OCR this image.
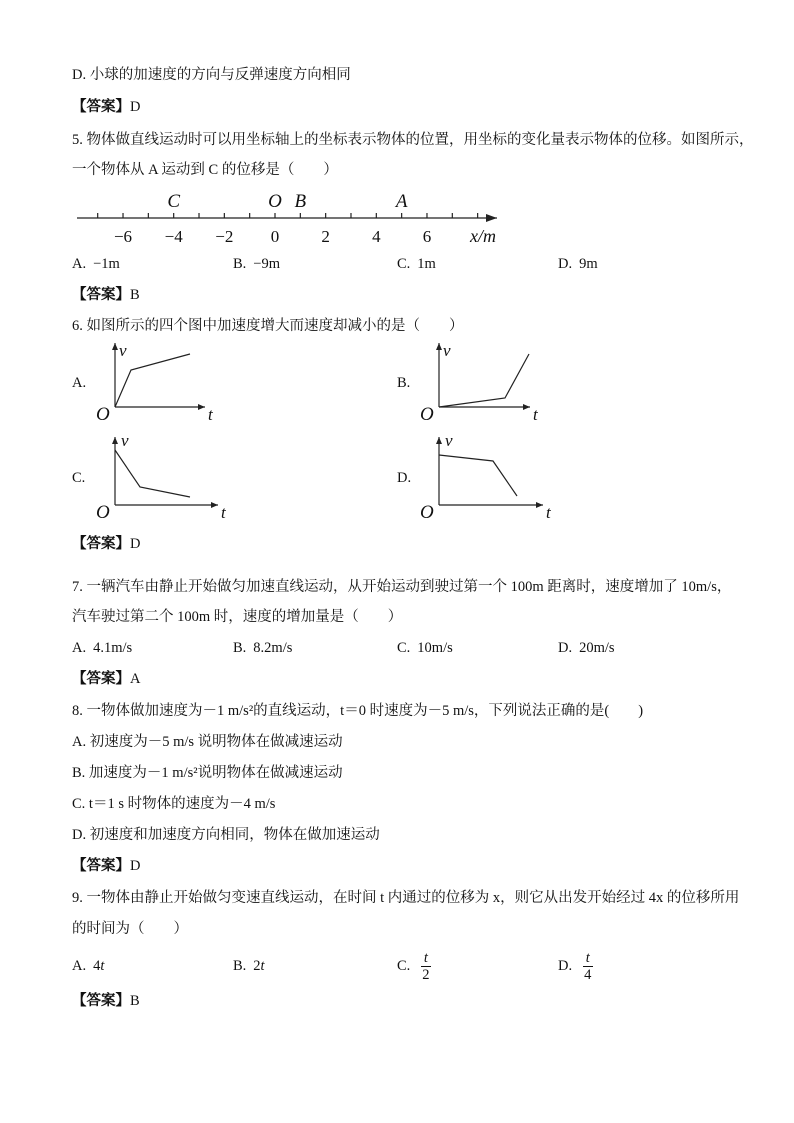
D. 小球的加速度的方向与反弹速度方向相同
【答案】D
5. 物体做直线运动时可以用坐标轴上的坐标表示物体的位置，用坐标的变化量表示物体的位移。如图所示，
一个物体从 A 运动到 C 的位移是（　　）
−6 −4 −2 0 2 4 6
C	O B	A
x/m
A. −1m	B. −9m	C. 1m	D. 9m
【答案】B
6. 如图所示的四个图中加速度增大而速度却减小的是（　　）
A.	B.
C.	D.
v
O	t
v
O	t
v
O	t
v
O	t
【答案】D
7. 一辆汽车由静止开始做匀加速直线运动，从开始运动到驶过第一个 100m 距离时，速度增加了 10m/s，
汽车驶过第二个 100m 时，速度的增加量是（　　）
A. 4.1m/s	B. 8.2m/s	C. 10m/s	D. 20m/s
【答案】A
8. 一物体做加速度为－1 m/s²的直线运动，t＝0 时速度为－5 m/s，下列说法正确的是(　　)
A. 初速度为－5 m/s 说明物体在做减速运动
B. 加速度为－1 m/s²说明物体在做减速运动
C. t＝1 s 时物体的速度为－4 m/s
D. 初速度和加速度方向相同，物体在做加速运动
【答案】D
9. 一物体由静止开始做匀变速直线运动，在时间 t 内通过的位移为 x，则它从出发开始经过 4x 的位移所用
的时间为（　　）
A. 4t	B. 2t	C. $\frac{t}{2}$	D. $\frac{t}{4}$
【答案】B
